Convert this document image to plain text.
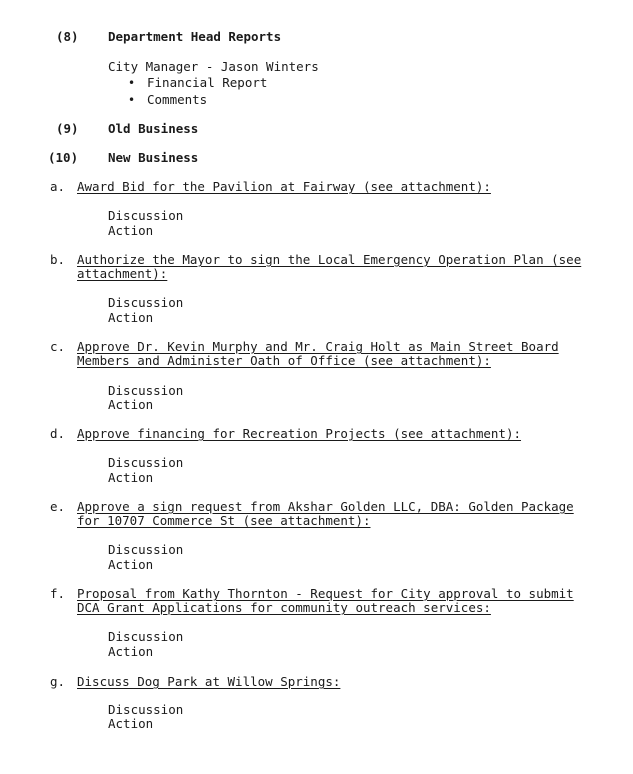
(8) Department Head Reports
City Manager - Jason Winters
• Financial Report
• Comments
(9) Old Business
(10) New Business
a. Award Bid for the Pavilion at Fairway (see attachment):
Discussion
Action
b. Authorize the Mayor to sign the Local Emergency Operation Plan (see
attachment):
Discussion
Action
c. Approve Dr. Kevin Murphy and Mr. Craig Holt as Main Street Board
Members and Administer Oath of Office (see attachment):
Discussion
Action
d. Approve financing for Recreation Projects (see attachment):
Discussion
Action
e. Approve a sign request from Akshar Golden LLC, DBA: Golden Package
for 10707 Commerce St (see attachment):
Discussion
Action
f. Proposal from Kathy Thornton - Request for City approval to submit
DCA Grant Applications for community outreach services:
Discussion
Action
g. Discuss Dog Park at Willow Springs:
Discussion
Action
